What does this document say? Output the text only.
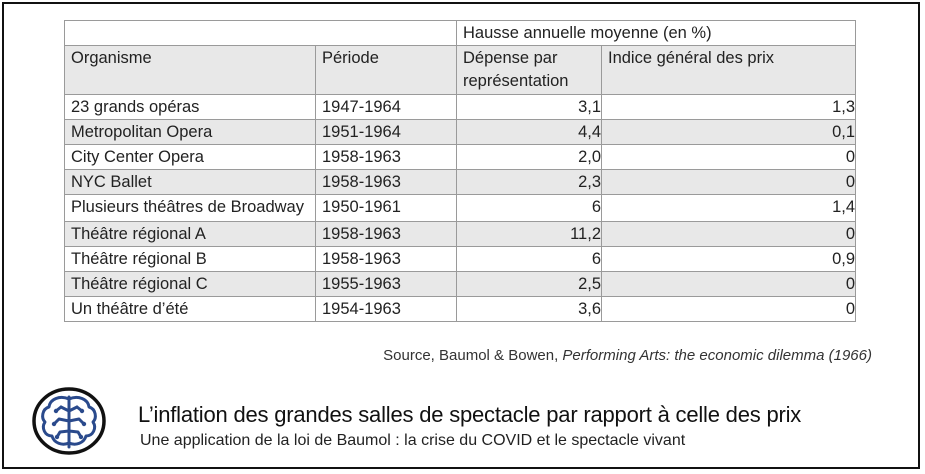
		Hausse annuelle moyenne (en %)	
Organisme	Période	Dépense par représentation	Indice général des prix
23 grands opéras	1947-1964	3,1	1,3
Metropolitan Opera	1951-1964	4,4	0,1
City Center Opera	1958-1963	2,0	0
NYC Ballet	1958-1963	2,3	0
Plusieurs théâtres de Broadway	1950-1961	6	1,4
Théâtre régional A	1958-1963	11,2	0
Théâtre régional B	1958-1963	6	0,9
Théâtre régional C	1955-1963	2,5	0
Un théâtre d’été	1954-1963	3,6	0
Source, Baumol & Bowen, Performing Arts: the economic dilemma (1966)
L’inflation des grandes salles de spectacle par rapport à celle des prix
Une application de la loi de Baumol : la crise du COVID et le spectacle vivant
